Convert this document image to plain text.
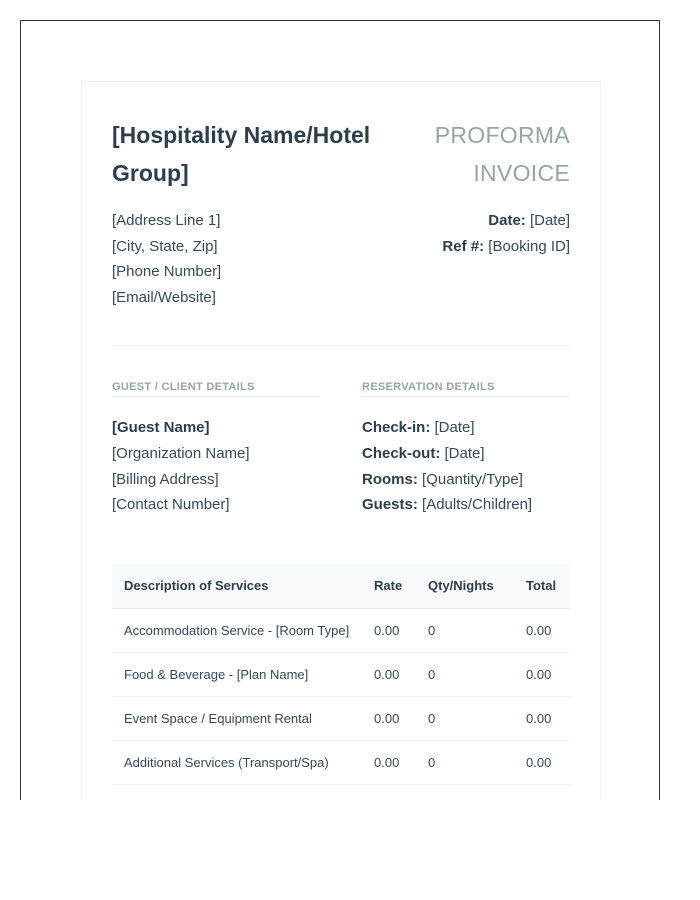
[Hospitality Name/Hotel Group]
PROFORMA INVOICE
[Address Line 1]
[City, State, Zip]
[Phone Number]
[Email/Website]
Date: [Date]
Ref #: [Booking ID]
GUEST / CLIENT DETAILS
[Guest Name]
[Organization Name]
[Billing Address]
[Contact Number]
RESERVATION DETAILS
Check-in: [Date]
Check-out: [Date]
Rooms: [Quantity/Type]
Guests: [Adults/Children]
Description of Services	Rate	Qty/Nights	Total
Accommodation Service - [Room Type]	0.00	0	0.00
Food & Beverage - [Plan Name]	0.00	0	0.00
Event Space / Equipment Rental	0.00	0	0.00
Additional Services (Transport/Spa)	0.00	0	0.00
